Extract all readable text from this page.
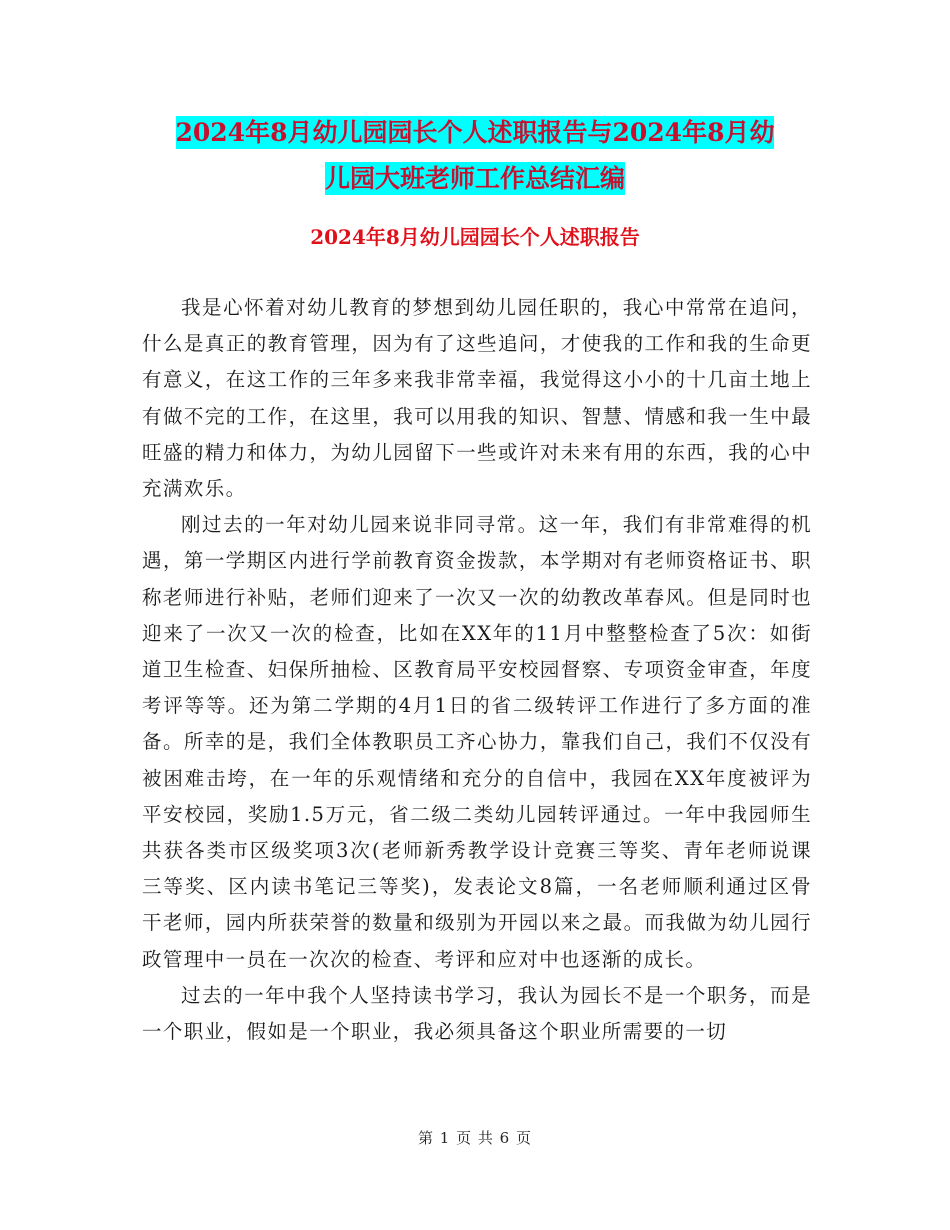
2024年8月幼儿园园长个人述职报告与2024年8月幼
儿园大班老师工作总结汇编
2024年8月幼儿园园长个人述职报告

我是心怀着对幼儿教育的梦想到幼儿园任职的，我心中常常在追问，什么是真正的教育管理，因为有了这些追问，才使我的工作和我的生命更有意义，在这工作的三年多来我非常幸福，我觉得这小小的十几亩土地上有做不完的工作，在这里，我可以用我的知识、智慧、情感和我一生中最旺盛的精力和体力，为幼儿园留下一些或许对未来有用的东西，我的心中充满欢乐。

刚过去的一年对幼儿园来说非同寻常。这一年，我们有非常难得的机遇，第一学期区内进行学前教育资金拨款，本学期对有老师资格证书、职称老师进行补贴，老师们迎来了一次又一次的幼教改革春风。但是同时也迎来了一次又一次的检查，比如在XX年的11月中整整检查了5次：如街道卫生检查、妇保所抽检、区教育局平安校园督察、专项资金审查，年度考评等等。还为第二学期的4月1日的省二级转评工作进行了多方面的准备。所幸的是，我们全体教职员工齐心协力，靠我们自己，我们不仅没有被困难击垮，在一年的乐观情绪和充分的自信中，我园在XX年度被评为平安校园，奖励1.5万元，省二级二类幼儿园转评通过。一年中我园师生共获各类市区级奖项3次(老师新秀教学设计竞赛三等奖、青年老师说课三等奖、区内读书笔记三等奖)，发表论文8篇，一名老师顺利通过区骨干老师，园内所获荣誉的数量和级别为开园以来之最。而我做为幼儿园行政管理中一员在一次次的检查、考评和应对中也逐渐的成长。

过去的一年中我个人坚持读书学习，我认为园长不是一个职务，而是一个职业，假如是一个职业，我必须具备这个职业所需要的一切

第 1 页 共 6 页
